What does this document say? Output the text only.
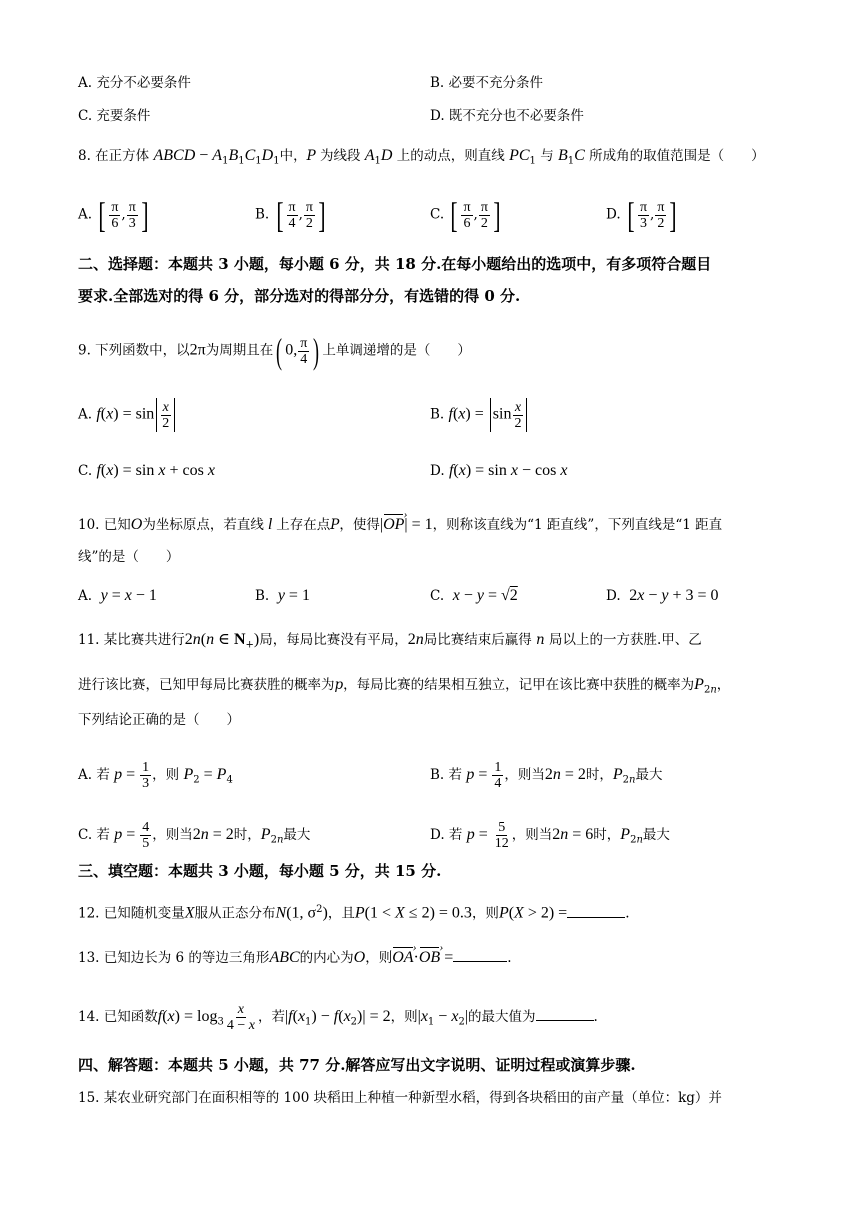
A. 充分不必要条件	B. 必要不充分条件
C. 充要条件	D. 既不充分也不必要条件
8. 在正方体 ABCD − $A_1B_1C_1D_1$中，P 为线段 $A_1D$ 上的动点，则直线 $PC_1$ 与 $B_1C$ 所成角的取值范围是（　　）
A. [ $\frac{\pi}{6}$ , $\frac{\pi}{3}$ ]	B. [ $\frac{\pi}{4}$ , $\frac{\pi}{2}$ ]	C. [ $\frac{\pi}{6}$ , $\frac{\pi}{2}$ ]	D. [ $\frac{\pi}{3}$ , $\frac{\pi}{2}$ ]
二、选择题：本题共 3 小题，每小题 6 分，共 18 分.在每小题给出的选项中，有多项符合题目
要求.全部选对的得 6 分，部分选对的得部分分，有选错的得 0 分.
9. 下列函数中，以2π为周期且在( 0, $\frac{\pi}{4}$ ) 上单调递增的是（　　）
A. $f(x) = \sin \frac{x}{2}$	B. $f(x) = \sin \frac{x}{2}$
C. f(x) = sin x + cos x	D. f(x) = sin x − cos x
10. 已知O为坐标原点，若直线 l 上存在点P，使得|OP ›| = 1，则称该直线为“1 距直线”，下列直线是“1 距直
线”的是（　　）
A. y = x − 1	B. y = 1	C. x − y = √2	D. 2x − y + 3 = 0
11. 某比赛共进行2n(n ∈ $N_+$)局，每局比赛没有平局，2n局比赛结束后赢得 n 局以上的一方获胜.甲、乙
进行该比赛，已知甲每局比赛获胜的概率为p，每局比赛的结果相互独立，记甲在该比赛中获胜的概率为$P_{2n}$，
下列结论正确的是（　　）
A. 若 $p = \frac{1}{3}$ ，则 $P_2 = P_4$	B. 若 $p = \frac{1}{4}$ ，则当2n = 2时，$P_{2n}$最大
C. 若 $p = \frac{4}{5}$ ，则当2n = 2时，$P_{2n}$最大	D. 若 $p = \frac{5}{12}$ ，则当2n = 6时，$P_{2n}$最大
三、填空题：本题共 3 小题，每小题 5 分，共 15 分.
12. 已知随机变量X服从正态分布N(1, $\sigma^2$)，且P(1 < X ≤ 2) = 0.3，则P(X > 2) =	.
13. 已知边长为 6 的等边三角形ABC的内心为O，则OA ›·OB › =	.
14. 已知函数$f(x) = \log_3 \frac{x}{4 - x}$ ，若$|f(x_1) - f(x_2)| = 2$，则$|x_1 - x_2|$的最大值为	.
四、解答题：本题共 5 小题，共 77 分.解答应写出文字说明、证明过程或演算步骤.
15. 某农业研究部门在面积相等的 100 块稻田上种植一种新型水稻，得到各块稻田的亩产量（单位：kg）并
